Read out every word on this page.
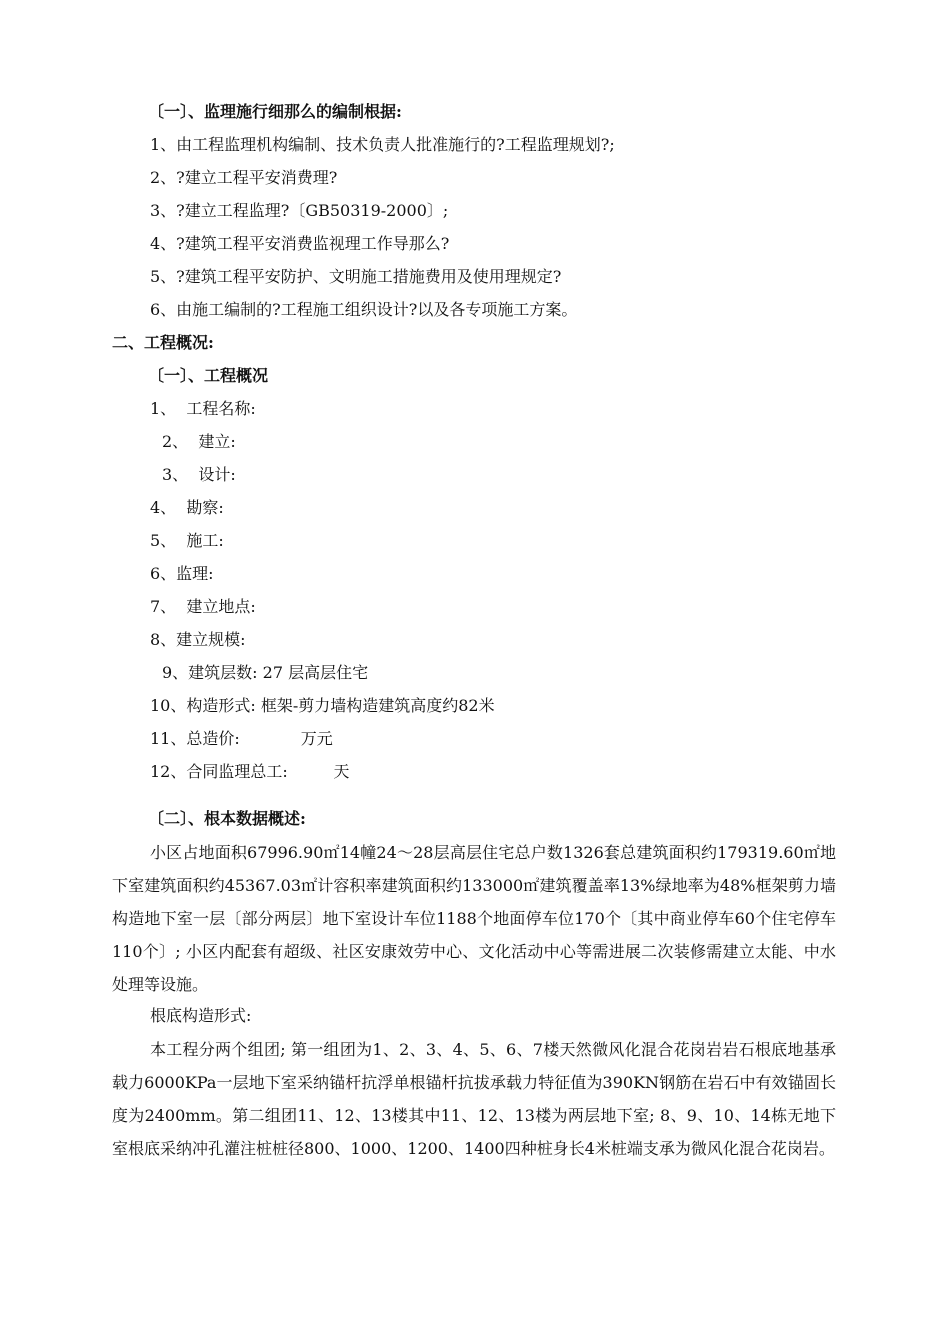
〔一〕、监理施行细那么的编制根据:
1、由工程监理机构编制、技术负责人批准施行的?工程监理规划?;
2、?建立工程平安消费理?
3、?建立工程监理?〔GB50319-2000〕;
4、?建筑工程平安消费监视理工作导那么?
5、?建筑工程平安防护、文明施工措施费用及使用理规定?
6、由施工编制的?工程施工组织设计?以及各专项施工方案。
二、工程概况:
〔一〕、工程概况
1、  工程名称:
2、  建立:
3、  设计:
4、  勘察:
5、  施工:
6、监理:
7、  建立地点:
8、建立规模:
9、建筑层数: 27 层高层住宅
10、构造形式: 框架-剪力墙构造建筑高度约82米
11、总造价:            万元
12、合同监理总工:         天
〔二〕、根本数据概述:
小区占地面积67996.90㎡14幢24～28层高层住宅总户数1326套总建筑面积约179319.60㎡地下室建筑面积约45367.03㎡计容积率建筑面积约133000㎡建筑覆盖率13%绿地率为48%框架剪力墙构造地下室一层〔部分两层〕地下室设计车位1188个地面停车位170个〔其中商业停车60个住宅停车110个〕; 小区内配套有超级、社区安康效劳中心、文化活动中心等需进展二次装修需建立太能、中水处理等设施。
根底构造形式:
本工程分两个组团; 第一组团为1、2、3、4、5、6、7楼天然微风化混合花岗岩岩石根底地基承载力6000KPa一层地下室采纳锚杆抗浮单根锚杆抗拔承载力特征值为390KN钢筋在岩石中有效锚固长度为2400mm。第二组团11、12、13楼其中11、12、13楼为两层地下室; 8、9、10、14栋无地下室根底采纳冲孔灌注桩桩径800、1000、1200、1400四种桩身长4米桩端支承为微风化混合花岗岩。
